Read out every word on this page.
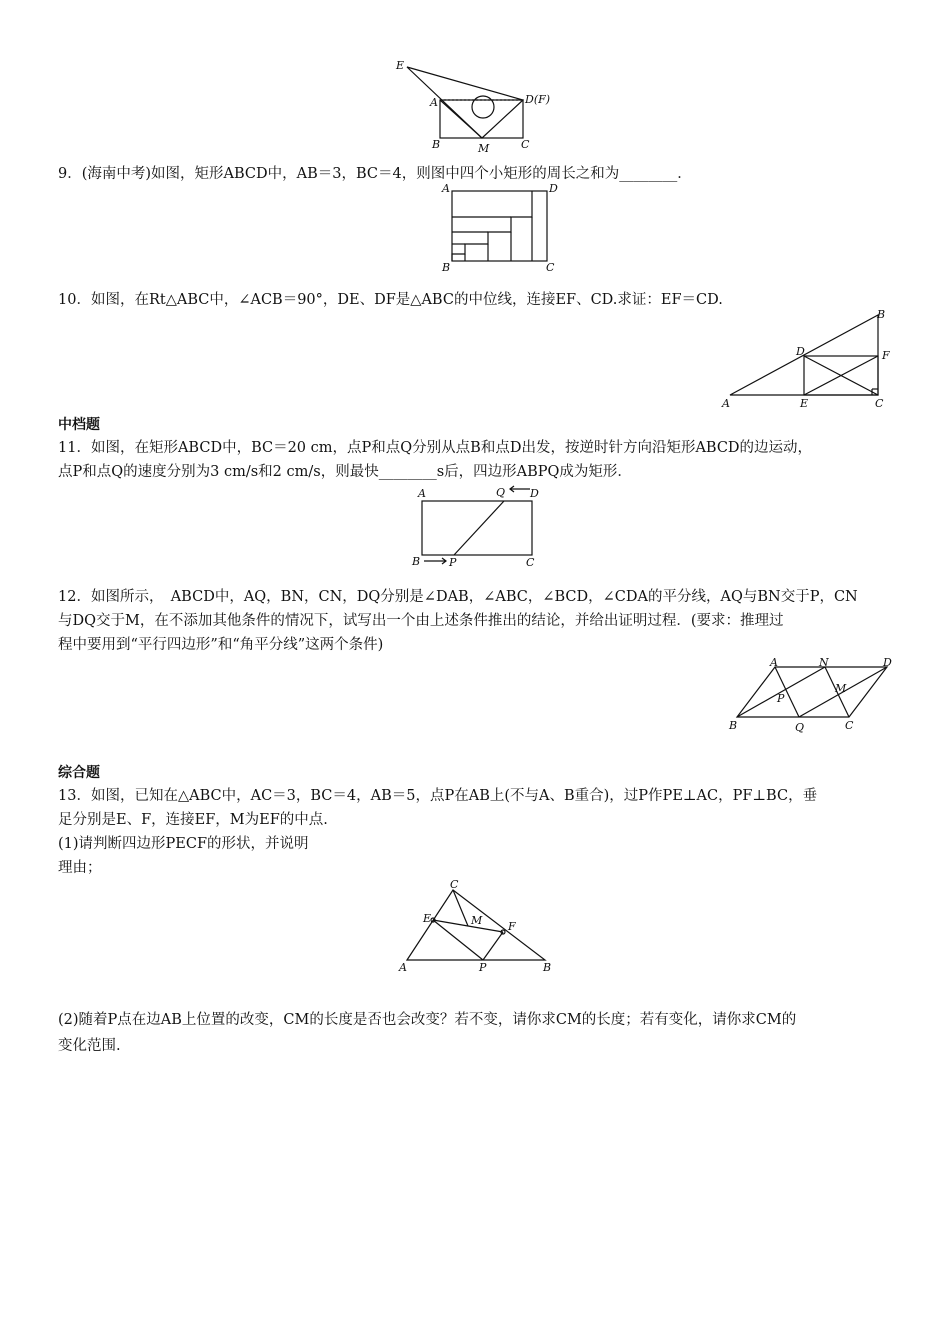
E
A
B	M	C
D(F)
9．(海南中考)如图，矩形ABCD中，AB＝3，BC＝4，则图中四个小矩形的周长之和为________．
A	D
B	C
10．如图，在Rt△ABC中，∠ACB＝90°，DE、DF是△ABC的中位线，连接EF、CD.求证：EF＝CD.
B
D	F
A	E	C
中档题
11．如图，在矩形ABCD中，BC＝20 cm，点P和点Q分别从点B和点D出发，按逆时针方向沿矩形ABCD的边运动，
点P和点Q的速度分别为3 cm/s和2 cm/s，则最快________s后，四边形ABPQ成为矩形．
A	Q D
B	P	C
12．如图所示，　ABCD中，AQ，BN，CN，DQ分别是∠DAB，∠ABC，∠BCD，∠CDA的平分线，AQ与BN交于P，CN
与DQ交于M，在不添加其他条件的情况下，试写出一个由上述条件推出的结论，并给出证明过程．(要求：推理过
程中要用到“平行四边形”和“角平分线”这两个条件)
A	N	D
P
M
B	Q	C
综合题
13．如图，已知在△ABC中，AC＝3，BC＝4，AB＝5，点P在AB上(不与A、B重合)，过P作PE⊥AC，PF⊥BC，垂
足分别是E、F，连接EF，M为EF的中点.
(1)请判断四边形PECF的形状，并说明
理由；
C
E	M F
A	P	B
(2)随着P点在边AB上位置的改变，CM的长度是否也会改变？若不变，请你求CM的长度；若有变化，请你求CM的
变化范围.
